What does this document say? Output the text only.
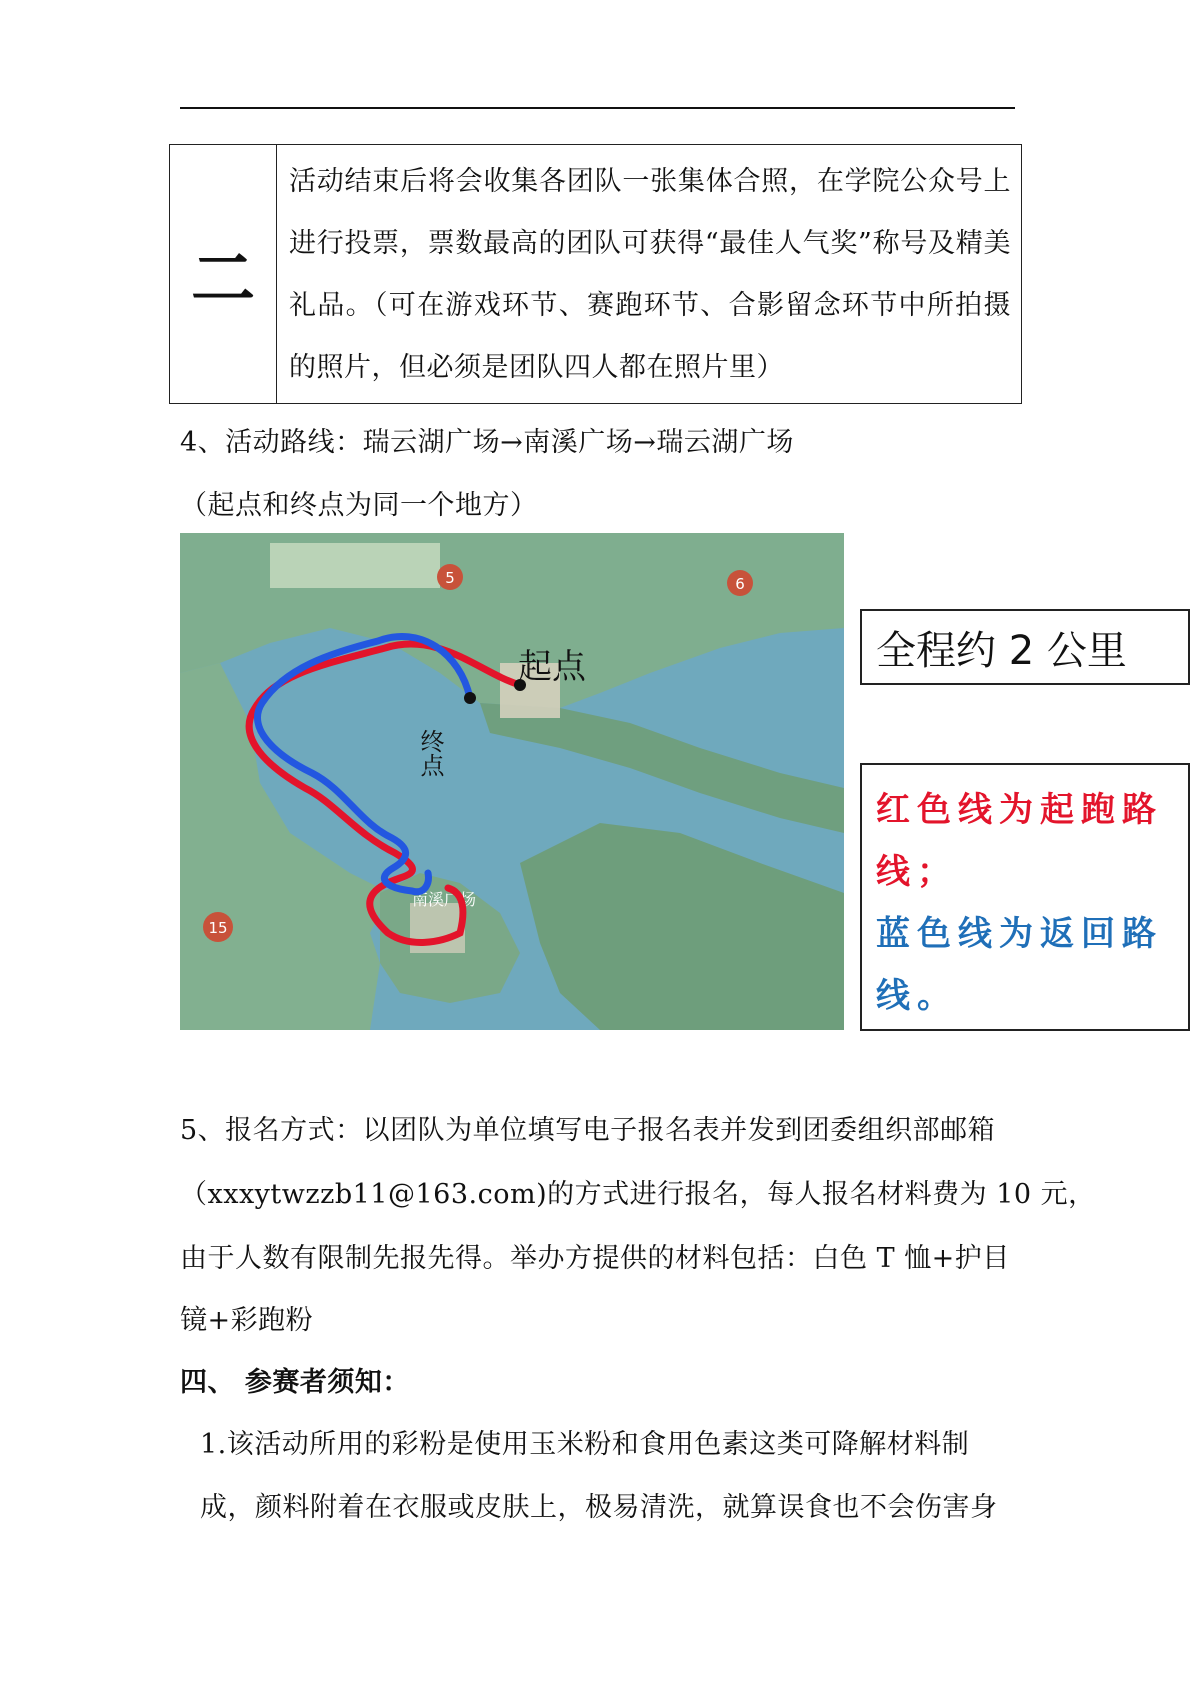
二
活动结束后将会收集各团队一张集体合照，在学院公众号上进行投票，票数最高的团队可获得“最佳人气奖”称号及精美礼品。（可在游戏环节、赛跑环节、合影留念环节中所拍摄的照片，但必须是团队四人都在照片里）
4、活动路线：瑞云湖广场→南溪广场→瑞云湖广场
（起点和终点为同一个地方）
5	6
15
南溪广场
起点
终点
全程约 2 公里
红色线为起跑路线；
蓝色线为返回路线。
5、报名方式：以团队为单位填写电子报名表并发到团委组织部邮箱
（xxxytwzzb11@163.com)的方式进行报名，每人报名材料费为 10 元，
由于人数有限制先报先得。举办方提供的材料包括：白色 T 恤+护目
镜+彩跑粉
四、 参赛者须知：
1.该活动所用的彩粉是使用玉米粉和食用色素这类可降解材料制
成，颜料附着在衣服或皮肤上，极易清洗，就算误食也不会伤害身
